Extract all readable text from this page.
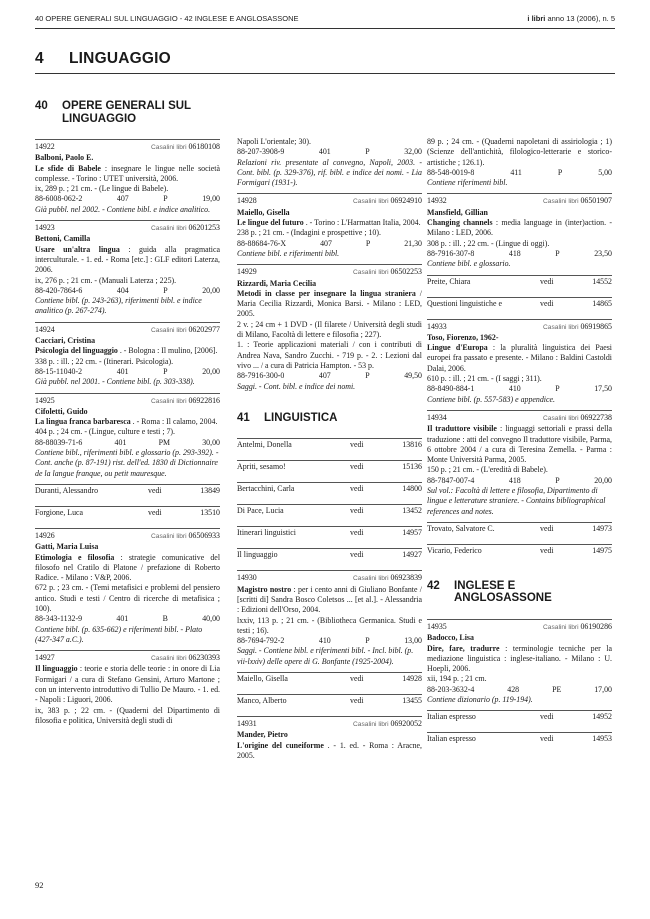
40 OPERE GENERALI SUL LINGUAGGIO - 42 INGLESE E ANGLOSASSONE	i libri anno 13 (2006), n. 5
4 LINGUAGGIO
40	OPERE GENERALI SUL LINGUAGGIO
14922	Casalini libri 06180108
Balboni, Paolo E.
Le sfide di Babele : insegnare le lingue nelle società complesse. - Torino : UTET università, 2006.
ix, 289 p. ; 21 cm. - (Le lingue di Babele).
88-6008-062-2	407	P	19,00
Già pubbl. nel 2002. - Contiene bibl. e indice analitico.
14923	Casalini libri 06201253
Bettoni, Camilla
Usare un'altra lingua : guida alla pragmatica interculturale. - 1. ed. - Roma [etc.] : GLF editori Laterza, 2006.
ix, 276 p. ; 21 cm. - (Manuali Laterza ; 225).
88-420-7864-6	404	P	20,00
Contiene bibl. (p. 243-263), riferimenti bibl. e indice analitico (p. 267-274).
14924	Casalini libri 06202977
Cacciari, Cristina
Psicologia del linguaggio . - Bologna : Il mulino, [2006].
338 p. : ill. ; 22 cm. - (Itinerari. Psicologia).
88-15-11040-2	401	P	20,00
Già pubbl. nel 2001. - Contiene bibl. (p. 303-338).
14925	Casalini libri 06922816
Cifoletti, Guido
La lingua franca barbaresca . - Roma : Il calamo, 2004.
404 p. ; 24 cm. - (Lingue, culture e testi ; 7).
88-88039-71-6	401	PM	30,00
Contiene bibl., riferimenti bibl. e glossario (p. 293-392). - Cont. anche (p. 87-191) rist. dell'ed. 1830 di Dictionnaire de la langue franque, ou petit mauresque.
Duranti, Alessandro	vedi	13849
Forgione, Luca	vedi	13510
14926	Casalini libri 06506933
Gatti, Maria Luisa
Etimologia e filosofia : strategie comunicative del filosofo nel Cratilo di Platone / prefazione di Roberto Radice. - Milano : V&P, 2006.
672 p. ; 23 cm. - (Temi metafisici e problemi del pensiero antico. Studi e testi / Centro di ricerche di metafisica ; 100).
88-343-1132-9	401	B	40,00
Contiene bibl. (p. 635-662) e riferimenti bibl. - Plato (427-347 a.C.).
14927	Casalini libri 06230393
Il linguaggio : teorie e storia delle teorie : in onore di Lia Formigari / a cura di Stefano Gensini, Arturo Martone ; con un intervento introduttivo di Tullio De Mauro. - 1. ed. - Napoli : Liguori, 2006.
ix, 383 p. ; 22 cm. - (Quaderni del Dipartimento di filosofia e politica, Università degli studi di
Napoli L'orientale; 30).
88-207-3908-9	401	P	32,00
Relazioni riv. presentate al convegno, Napoli, 2003. - Cont. bibl. (p. 329-376), rif. bibl. e indice dei nomi. - Lia Formigari (1931-).
14928	Casalini libri 06924910
Maiello, Gisella
Le lingue del futuro . - Torino : L'Harmattan Italia, 2004.
238 p. ; 21 cm. - (Indagini e prospettive ; 10).
88-88684-76-X	407	P	21,30
Contiene bibl. e riferimenti bibl.
14929	Casalini libri 06502253
Rizzardi, Maria Cecilia
Metodi in classe per insegnare la lingua straniera / Maria Cecilia Rizzardi, Monica Barsi. - Milano : LED, 2005.
2 v. ; 24 cm + 1 DVD - (Il filarete / Università degli studi di Milano, Facoltà di lettere e filosofia ; 227).
1. : Teorie applicazioni materiali / con i contributi di Andrea Nava, Sandro Zucchi. - 719 p. - 2. : Lezioni dal vivo ... / a cura di Patricia Hampton. - 53 p.
88-7916-300-0	407	P	49,50
Saggi. - Cont. bibl. e indice dei nomi.
41	LINGUISTICA
Antelmi, Donella	vedi	13816
Apriti, sesamo!	vedi	15136
Bertacchini, Carla	vedi	14800
Di Pace, Lucia	vedi	13452
Itinerari linguistici	vedi	14957
Il linguaggio	vedi	14927
14930	Casalini libri 06923839
Magistro nostro : per i cento anni di Giuliano Bonfante / [scritti di] Sandra Bosco Coletsos ... [et al.]. - Alessandria : Edizioni dell'Orso, 2004.
lxxiv, 113 p. ; 21 cm. - (Bibliotheca Germanica. Studi e testi ; 16).
88-7694-792-2	410	P	13,00
Saggi. - Contiene bibl. e riferimenti bibl. - Incl. bibl. (p. vii-lxxiv) delle opere di G. Bonfante (1925-2004).
Maiello, Gisella	vedi	14928
Manco, Alberto	vedi	13455
14931	Casalini libri 06920052
Mander, Pietro
L'origine del cuneiforme . - 1. ed. - Roma : Aracne, 2005.
89 p. ; 24 cm. - (Quaderni napoletani di assiriologia ; 1) (Scienze dell'antichità, filologico-letterarie e storico-artistiche ; 126.1).
88-548-0019-8	411	P	5,00
Contiene riferimenti bibl.
14932	Casalini libri 06501907
Mansfield, Gillian
Changing channels : media language in (inter)action. - Milano : LED, 2006.
308 p. : ill. ; 22 cm. - (Lingue di oggi).
88-7916-307-8	418	P	23,50
Contiene bibl. e glossario.
Preite, Chiara	vedi	14552
Questioni linguistiche e	vedi	14865
14933	Casalini libri 06919865
Toso, Fiorenzo, 1962-
Lingue d'Europa : la pluralità linguistica dei Paesi europei fra passato e presente. - Milano : Baldini Castoldi Dalai, 2006.
610 p. : ill. ; 21 cm. - (I saggi ; 311).
88-8490-884-1	410	P	17,50
Contiene bibl. (p. 557-583) e appendice.
14934	Casalini libri 06922738
Il traduttore visibile : linguaggi settoriali e prassi della traduzione : atti del convegno Il traduttore visibile, Parma, 6 ottobre 2004 / a cura di Teresina Zemella. - Parma : Monte Università Parma, 2005.
150 p. ; 21 cm. - (L'eredità di Babele).
88-7847-007-4	418	P	20,00
Sul vol.: Facoltà di lettere e filosofia, Dipartimento di lingue e letterature straniere. - Contains bibliographical references and notes.
Trovato, Salvatore C.	vedi	14973
Vicario, Federico	vedi	14975
42	INGLESE E ANGLOSASSONE
14935	Casalini libri 06190286
Badocco, Lisa
Dire, fare, tradurre : terminologie tecniche per la mediazione linguistica : inglese-italiano. - Milano : U. Hoepli, 2006.
xii, 194 p. ; 21 cm.
88-203-3632-4	428	PE	17,00
Contiene dizionario (p. 119-194).
Italian espresso	vedi	14952
Italian espresso	vedi	14953
92
